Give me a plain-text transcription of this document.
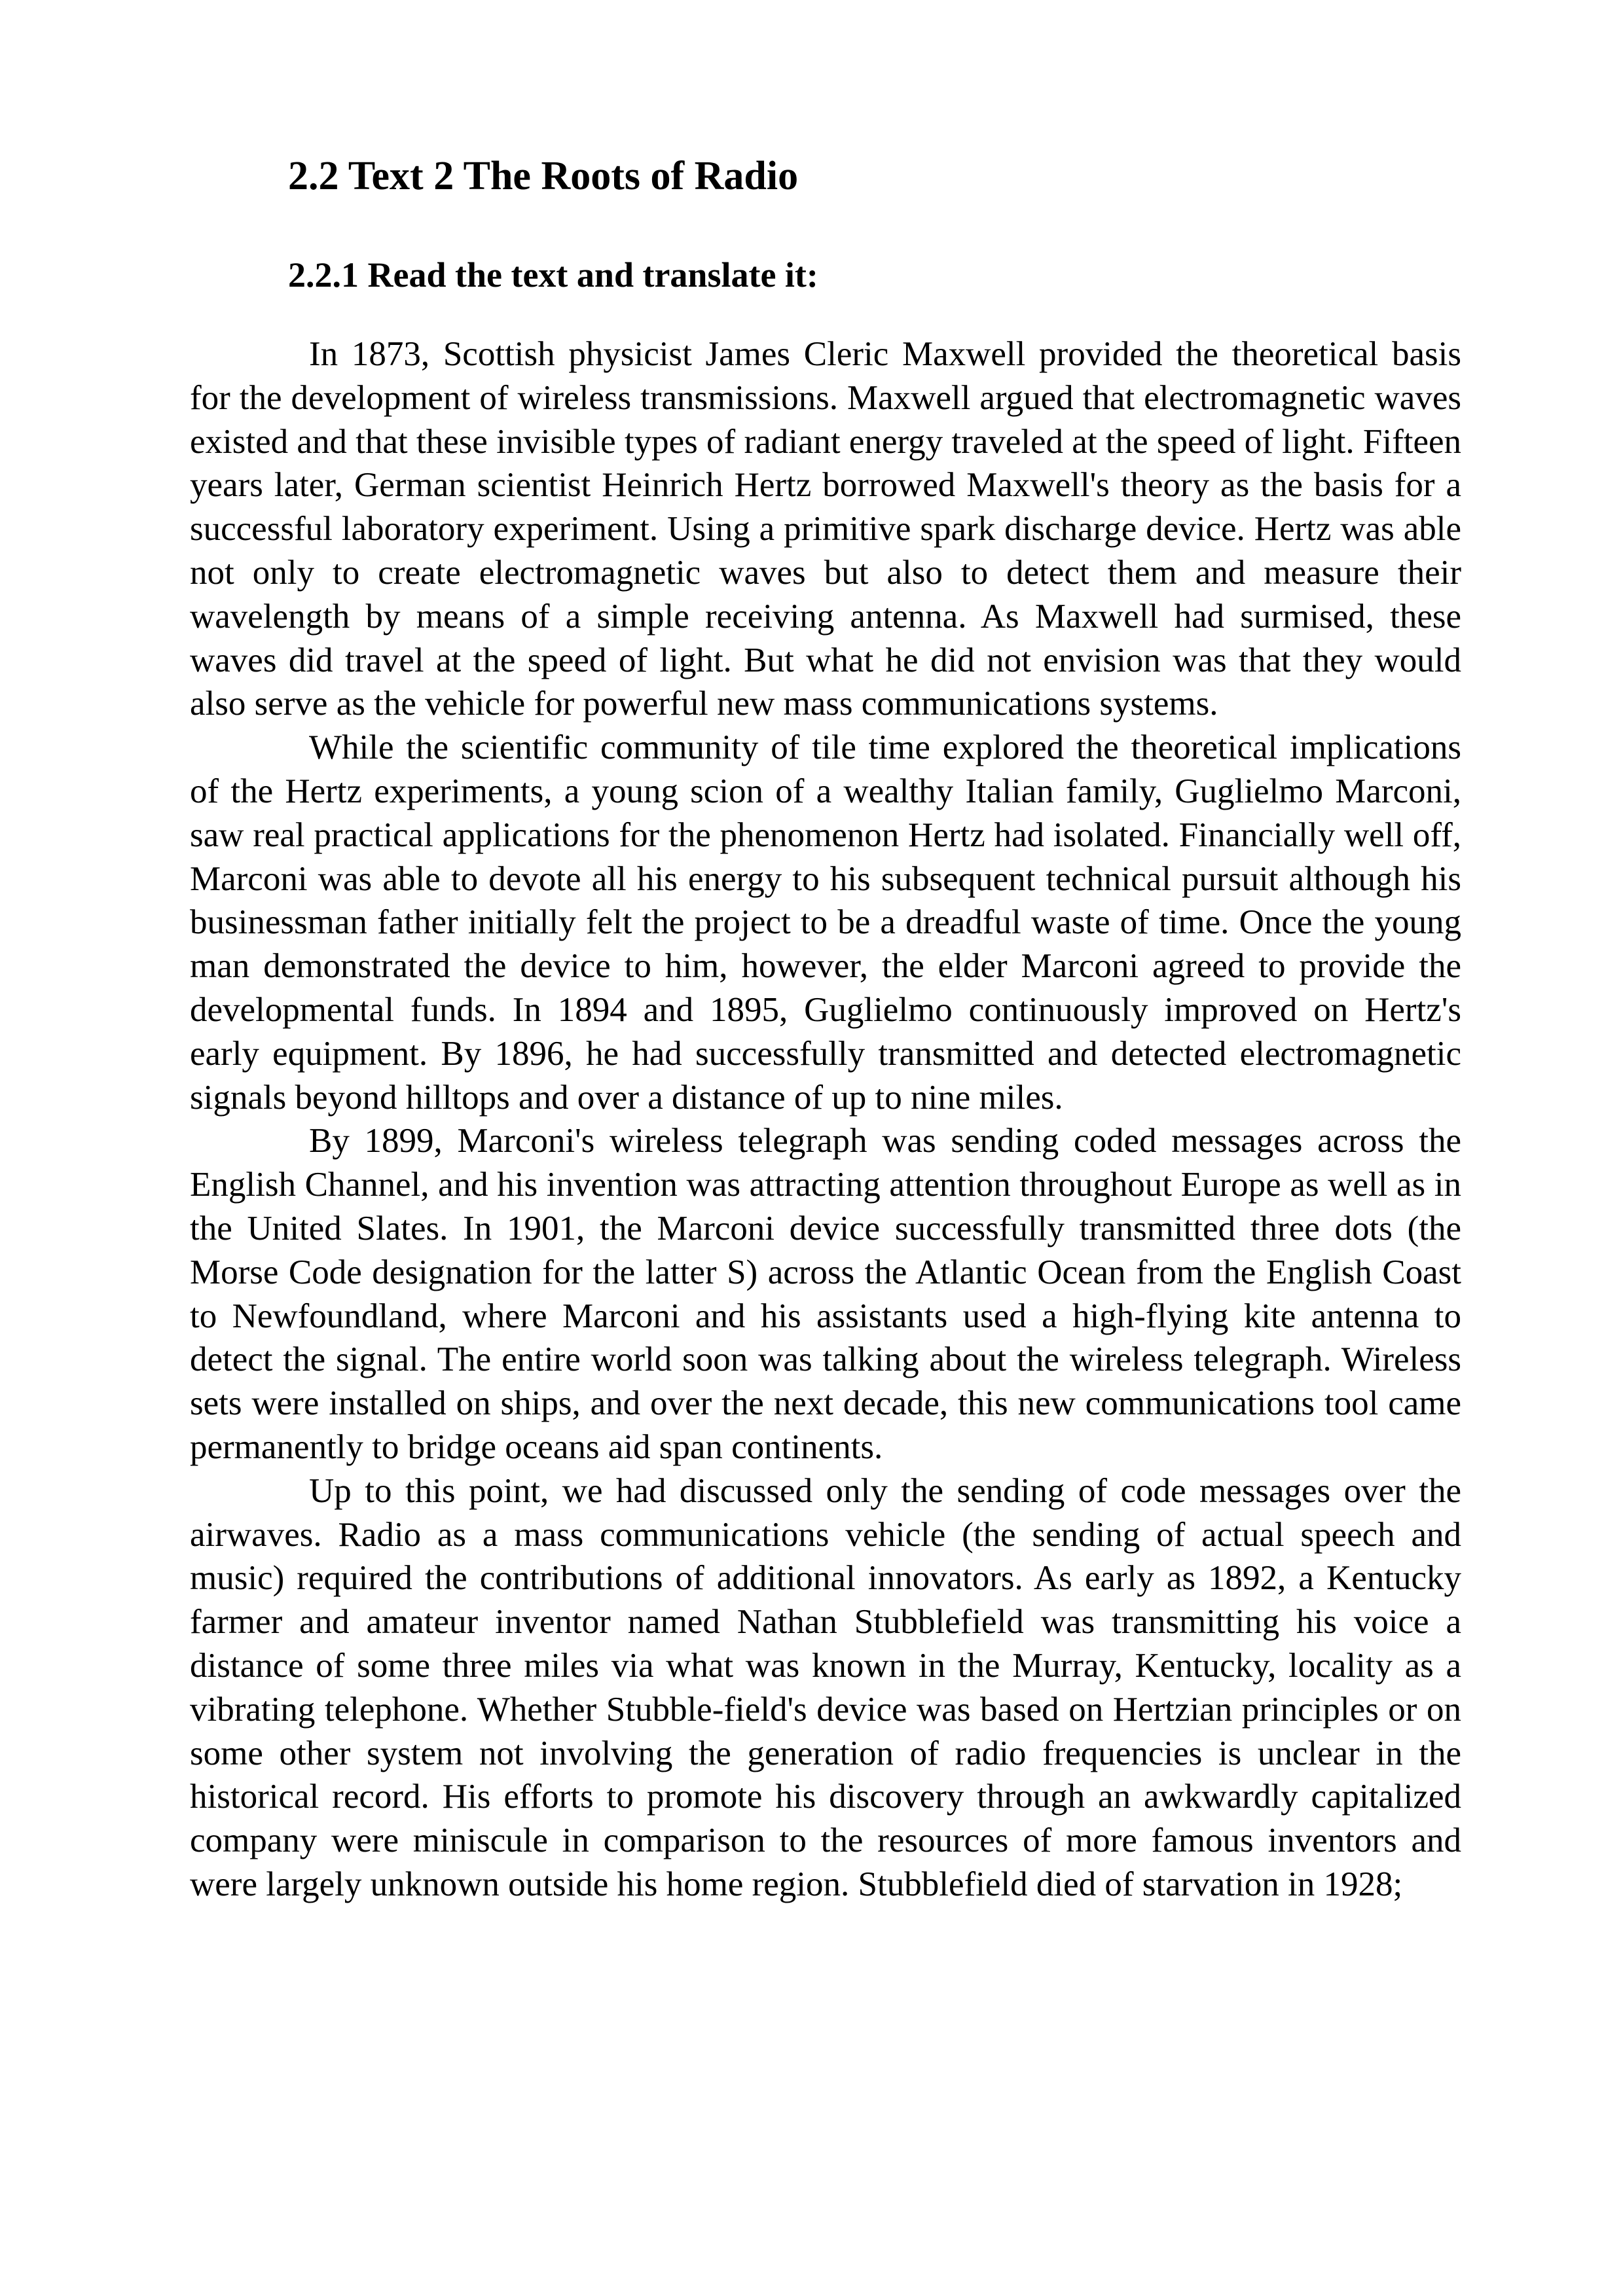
2.2 Text 2 The Roots of Radio
2.2.1 Read the text and translate it:

In 1873, Scottish physicist James Cleric Maxwell provided the theoretical basis for the development of wireless transmissions. Maxwell argued that electromagnetic waves existed and that these invisible types of radiant energy traveled at the speed of light. Fifteen years later, German scientist Heinrich Hertz borrowed Maxwell's theory as the basis for a successful laboratory experiment. Using a primitive spark discharge device. Hertz was able not only to create electromagnetic waves but also to detect them and measure their wavelength by means of a simple receiving antenna. As Maxwell had surmised, these waves did travel at the speed of light. But what he did not envision was that they would also serve as the vehicle for powerful new mass communications systems.

While the scientific community of tile time explored the theoretical implications of the Hertz experiments, a young scion of a wealthy Italian family, Guglielmo Marconi, saw real practical applications for the phenomenon Hertz had isolated. Financially well off, Marconi was able to devote all his energy to his subsequent technical pursuit although his businessman father initially felt the project to be a dreadful waste of time. Once the young man demonstrated the device to him, however, the elder Marconi agreed to provide the developmental funds. In 1894 and 1895, Guglielmo continuously improved on Hertz's early equipment. By 1896, he had successfully transmitted and detected electromagnetic signals beyond hilltops and over a distance of up to nine miles.

By 1899, Marconi's wireless telegraph was sending coded messages across the English Channel, and his invention was attracting attention throughout Europe as well as in the United Slates. In 1901, the Marconi device successfully transmitted three dots (the Morse Code designation for the latter S) across the Atlantic Ocean from the English Coast to Newfoundland, where Marconi and his assistants used a high-flying kite antenna to detect the signal. The entire world soon was talking about the wireless telegraph. Wireless sets were installed on ships, and over the next decade, this new communications tool came permanently to bridge oceans aid span continents.

Up to this point, we had discussed only the sending of code messages over the airwaves. Radio as a mass communications vehicle (the sending of actual speech and music) required the contributions of additional innovators. As early as 1892, a Kentucky farmer and amateur inventor named Nathan Stubblefield was transmitting his voice a distance of some three miles via what was known in the Murray, Kentucky, locality as a vibrating telephone. Whether Stubble-field's device was based on Hertzian principles or on some other system not involving the generation of radio frequencies is unclear in the historical record. His efforts to promote his discovery through an awkwardly capitalized company were miniscule in comparison to the resources of more famous inventors and were largely unknown outside his home region. Stubblefield died of starvation in 1928;
